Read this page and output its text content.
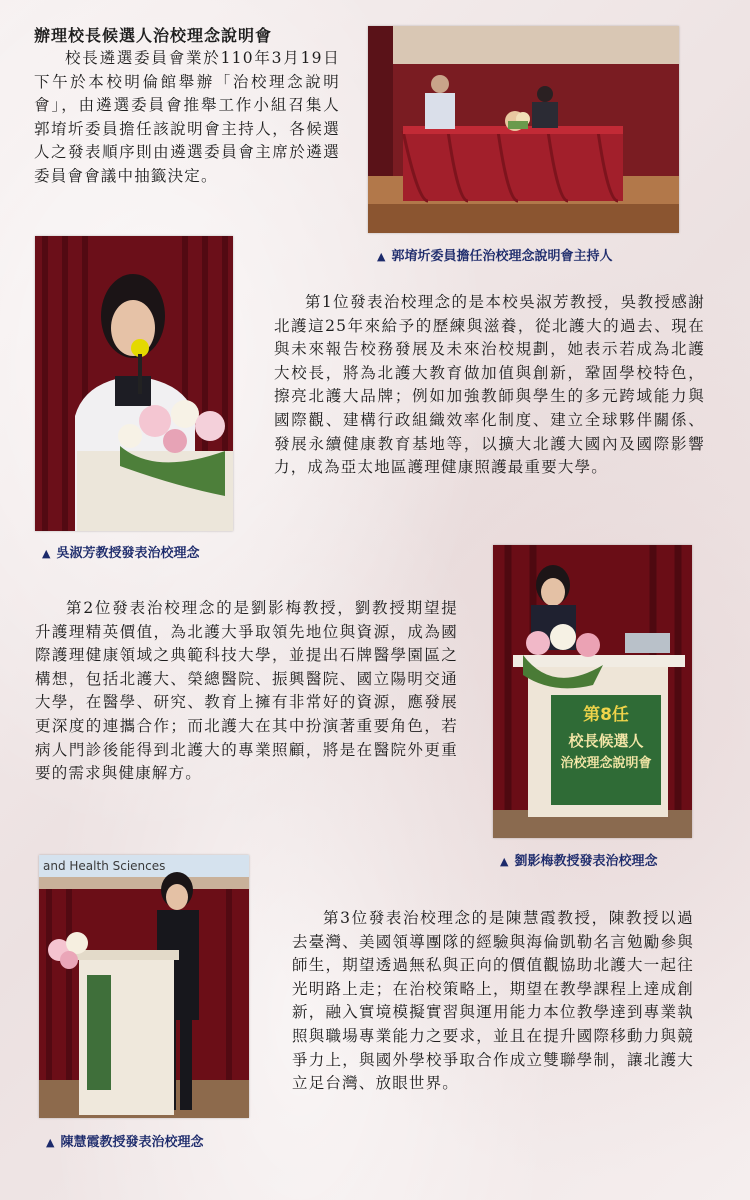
辦理校長候選人治校理念說明會

校長遴選委員會業於110年3月19日下午於本校明倫館舉辦「治校理念說明會」，由遴選委員會推舉工作小組召集人郭堉圻委員擔任該說明會主持人，各候選人之發表順序則由遴選委員會主席於遴選委員會會議中抽籤決定。

▲ 郭堉圻委員擔任治校理念說明會主持人
▲ 吳淑芳教授發表治校理念

第1位發表治校理念的是本校吳淑芳教授，吳教授感謝北護這25年來給予的歷練與滋養，從北護大的過去、現在與未來報告校務發展及未來治校規劃，她表示若成為北護大校長，將為北護大教育做加值與創新，鞏固學校特色，擦亮北護大品牌；例如加強教師與學生的多元跨域能力與國際觀、建構行政組織效率化制度、建立全球夥伴關係、發展永續健康教育基地等，以擴大北護大國內及國際影響力，成為亞太地區護理健康照護最重要大學。

第2位發表治校理念的是劉影梅教授，劉教授期望提升護理精英價值，為北護大爭取領先地位與資源，成為國際護理健康領域之典範科技大學，並提出石牌醫學園區之構想，包括北護大、榮總醫院、振興醫院、國立陽明交通大學，在醫學、研究、教育上擁有非常好的資源，應發展更深度的連攜合作；而北護大在其中扮演著重要角色，若病人門診後能得到北護大的專業照顧，將是在醫院外更重要的需求與健康解方。

第8任
校長候選人
治校理念說明會
▲ 劉影梅教授發表治校理念
and Health Sciences
▲ 陳慧霞教授發表治校理念

第3位發表治校理念的是陳慧霞教授，陳教授以過去臺灣、美國領導團隊的經驗與海倫凱勒名言勉勵參與師生，期望透過無私與正向的價值觀協助北護大一起往光明路上走；在治校策略上，期望在教學課程上達成創新，融入實境模擬實習與運用能力本位教學達到專業執照與職場專業能力之要求，並且在提升國際移動力與競爭力上，與國外學校爭取合作成立雙聯學制，讓北護大立足台灣、放眼世界。
